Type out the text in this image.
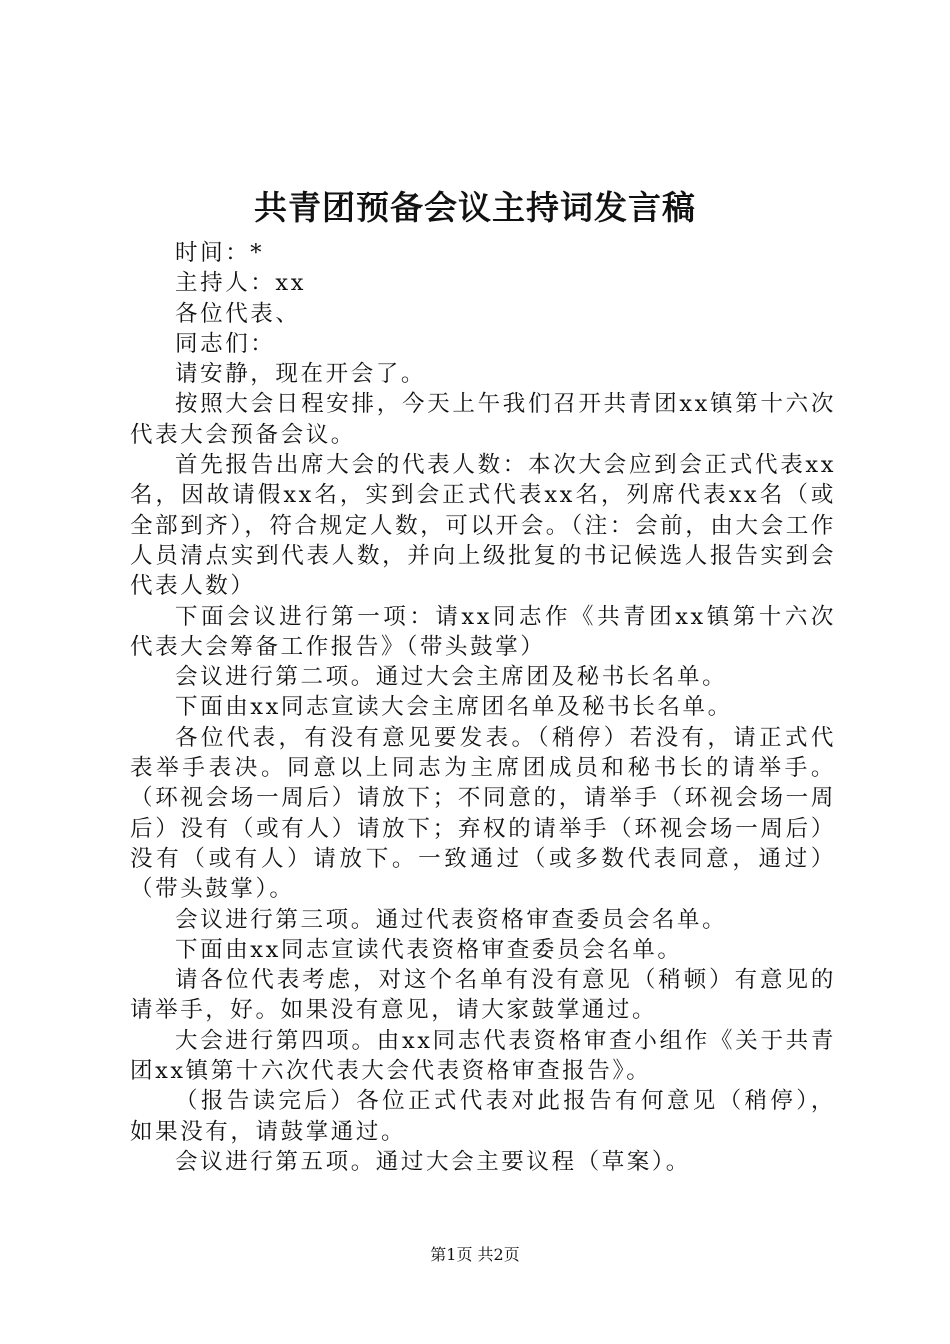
共青团预备会议主持词发言稿

时间：*

主持人：xx

各位代表、

同志们：

请安静，现在开会了。

按照大会日程安排，今天上午我们召开共青团xx镇第十六次代表大会预备会议。

首先报告出席大会的代表人数：本次大会应到会正式代表xx名，因故请假xx名，实到会正式代表xx名，列席代表xx名（或全部到齐），符合规定人数，可以开会。（注：会前，由大会工作人员清点实到代表人数，并向上级批复的书记候选人报告实到会代表人数）

下面会议进行第一项：请xx同志作《共青团xx镇第十六次代表大会筹备工作报告》（带头鼓掌）

会议进行第二项。通过大会主席团及秘书长名单。

下面由xx同志宣读大会主席团名单及秘书长名单。

各位代表，有没有意见要发表。（稍停）若没有，请正式代表举手表决。同意以上同志为主席团成员和秘书长的请举手。（环视会场一周后）请放下；不同意的，请举手（环视会场一周后）没有（或有人）请放下；弃权的请举手（环视会场一周后）没有（或有人）请放下。一致通过（或多数代表同意，通过）（带头鼓掌）。

会议进行第三项。通过代表资格审查委员会名单。

下面由xx同志宣读代表资格审查委员会名单。

请各位代表考虑，对这个名单有没有意见（稍顿）有意见的请举手，好。如果没有意见，请大家鼓掌通过。

大会进行第四项。由xx同志代表资格审查小组作《关于共青团xx镇第十六次代表大会代表资格审查报告》。

（报告读完后）各位正式代表对此报告有何意见（稍停），如果没有，请鼓掌通过。

会议进行第五项。通过大会主要议程（草案）。

第1页 共2页
